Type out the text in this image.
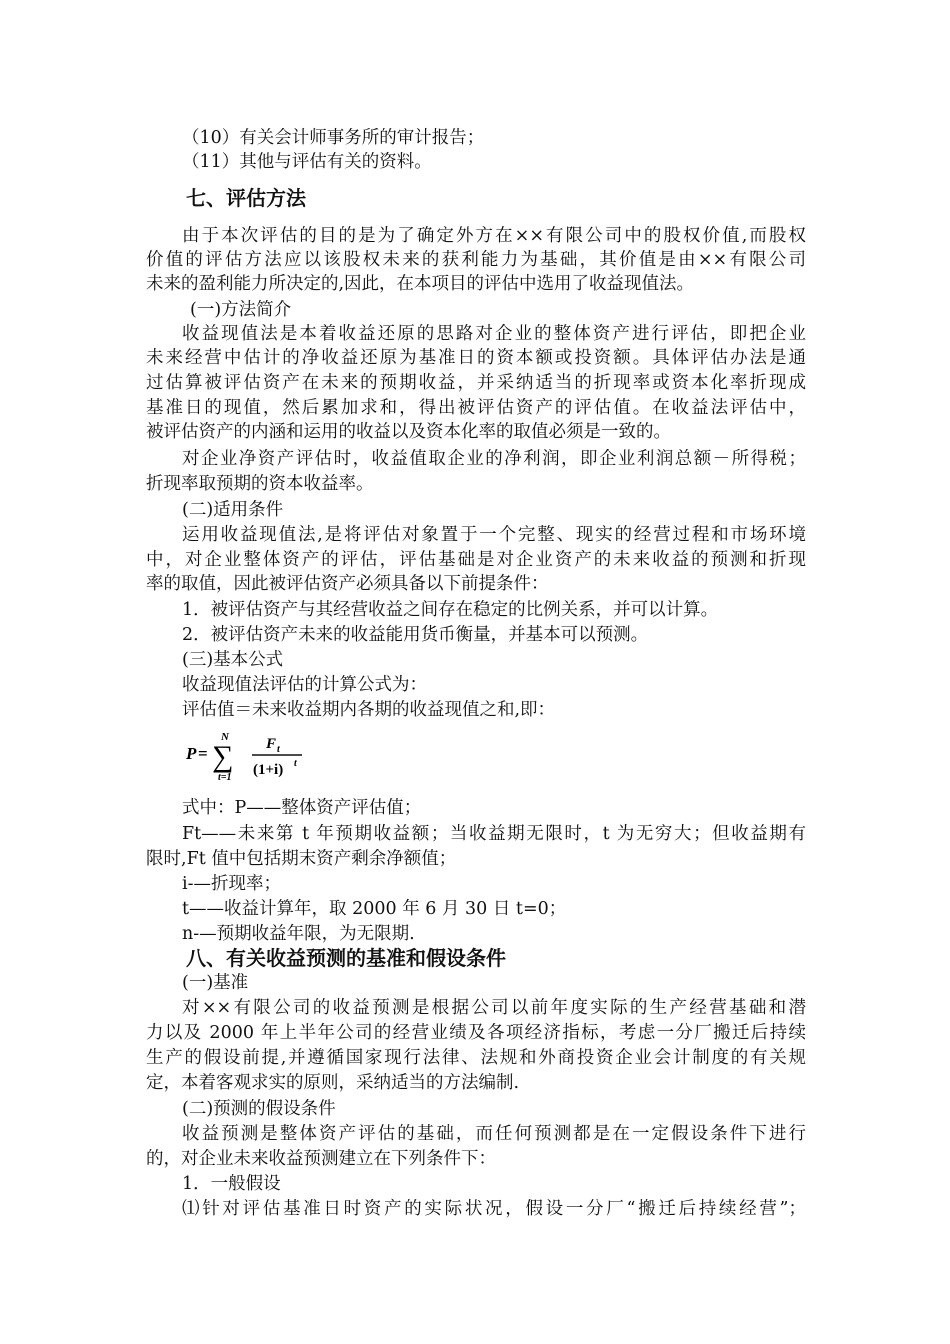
（10）有关会计师事务所的审计报告；
（11）其他与评估有关的资料。
七、评估方法
由于本次评估的目的是为了确定外方在××有限公司中的股权价值,而股权
价值的评估方法应以该股权未来的获利能力为基础，其价值是由××有限公司
未来的盈利能力所决定的,因此，在本项目的评估中选用了收益现值法。
(一)方法简介
收益现值法是本着收益还原的思路对企业的整体资产进行评估，即把企业
未来经营中估计的净收益还原为基准日的资本额或投资额。具体评估办法是通
过估算被评估资产在未来的预期收益，并采纳适当的折现率或资本化率折现成
基准日的现值，然后累加求和，得出被评估资产的评估值。在收益法评估中，
被评估资产的内涵和运用的收益以及资本化率的取值必须是一致的。
对企业净资产评估时，收益值取企业的净利润，即企业利润总额－所得税；
折现率取预期的资本收益率。
(二)适用条件
运用收益现值法,是将评估对象置于一个完整、现实的经营过程和市场环境
中，对企业整体资产的评估，评估基础是对企业资产的未来收益的预测和折现
率的取值，因此被评估资产必须具备以下前提条件：
1．被评估资产与其经营收益之间存在稳定的比例关系，并可以计算。
2．被评估资产未来的收益能用货币衡量，并基本可以预测。
(三)基本公式
收益现值法评估的计算公式为：
评估值＝未来收益期内各期的收益现值之和,即：
P =
N
∑
t=1
F t
(1+i) t
式中：P——整体资产评估值；
Ft——未来第 t 年预期收益额；当收益期无限时，t 为无穷大；但收益期有
限时,Ft 值中包括期末资产剩余净额值；
i-—折现率；
t——收益计算年，取 2000 年 6 月 30 日 t=0；
n-—预期收益年限，为无限期.
八、有关收益预测的基准和假设条件
(一)基准
对××有限公司的收益预测是根据公司以前年度实际的生产经营基础和潜
力以及 2000 年上半年公司的经营业绩及各项经济指标，考虑一分厂搬迁后持续
生产的假设前提,并遵循国家现行法律、法规和外商投资企业会计制度的有关规
定，本着客观求实的原则，采纳适当的方法编制.
(二)预测的假设条件
收益预测是整体资产评估的基础，而任何预测都是在一定假设条件下进行
的，对企业未来收益预测建立在下列条件下：
1．一般假设
⑴针对评估基准日时资产的实际状况，假设一分厂“搬迁后持续经营”；
